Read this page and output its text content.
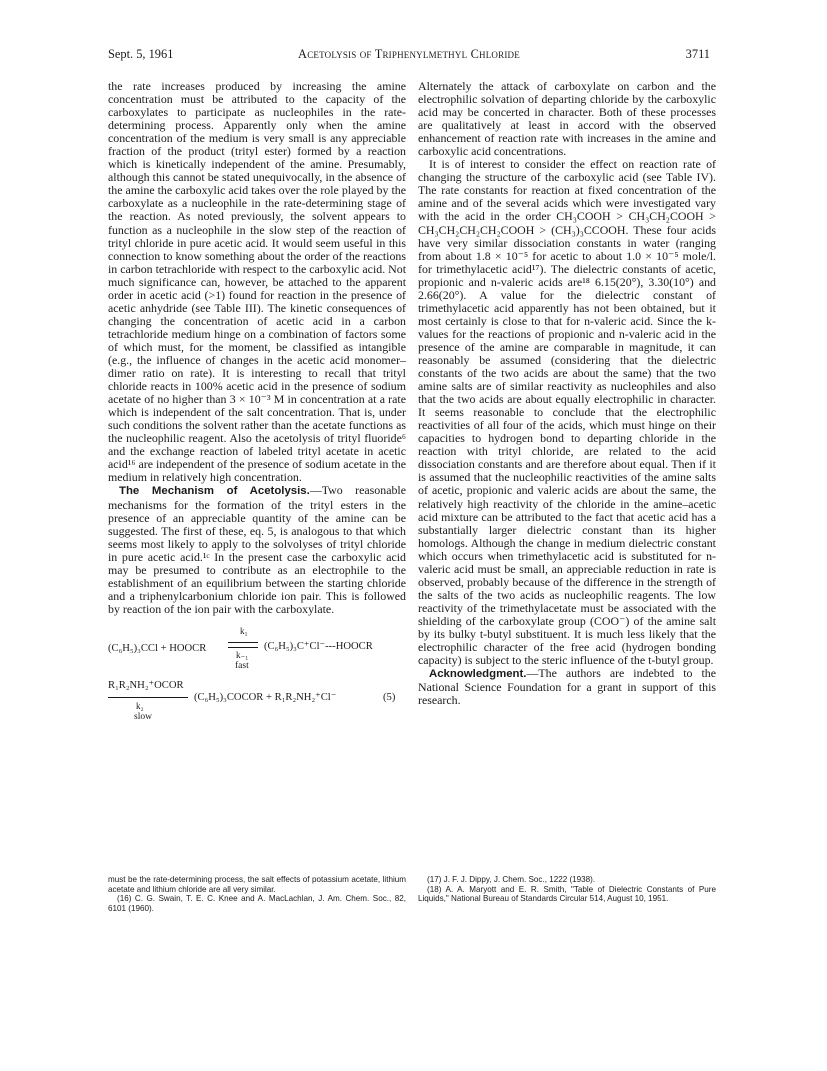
Sept. 5, 1961	Acetolysis of Triphenylmethyl Chloride	3711

the rate increases produced by increasing the amine concentration must be attributed to the capacity of the carboxylates to participate as nucleophiles in the rate-determining process. Apparently only when the amine concentration of the medium is very small is any appreciable fraction of the product (trityl ester) formed by a reaction which is kinetically independent of the amine. Presumably, although this cannot be stated unequivocally, in the absence of the amine the carboxylic acid takes over the role played by the carboxylate as a nucleophile in the rate-determining stage of the reaction. As noted previously, the solvent appears to function as a nucleophile in the slow step of the reaction of trityl chloride in pure acetic acid. It would seem useful in this connection to know something about the order of the reactions in carbon tetrachloride with respect to the carboxylic acid. Not much significance can, however, be attached to the apparent order in acetic acid (>1) found for reaction in the presence of acetic anhydride (see Table III). The kinetic consequences of changing the concentration of acetic acid in a carbon tetrachloride medium hinge on a combination of factors some of which must, for the moment, be classified as intangible (e.g., the influence of changes in the acetic acid monomer–dimer ratio on rate). It is interesting to recall that trityl chloride reacts in 100% acetic acid in the presence of sodium acetate of no higher than 3 × 10⁻³ M in concentration at a rate which is independent of the salt concentration. That is, under such conditions the solvent rather than the acetate functions as the nucleophilic reagent. Also the acetolysis of trityl fluoride⁶ and the exchange reaction of labeled trityl acetate in acetic acid¹⁶ are independent of the presence of sodium acetate in the medium in relatively high concentration.

The Mechanism of Acetolysis.—Two reasonable mechanisms for the formation of the trityl esters in the presence of an appreciable quantity of the amine can be suggested. The first of these, eq. 5, is analogous to that which seems most likely to apply to the solvolyses of trityl chloride in pure acetic acid.¹ᶜ In the present case the carboxylic acid may be presumed to contribute as an electrophile to the establishment of an equilibrium between the starting chloride and a triphenylcarbonium chloride ion pair. This is followed by reaction of the ion pair with the carboxylate.

(C₆H₅)₃CCl + HOOCR
k₁
k₋₁
fast
(C₆H₅)₃C⁺Cl⁻---HOOCR
R₁R₂NH₂⁺OCOR
(C₆H₅)₃COCOR + R₁R₂NH₂⁺Cl⁻	(5)
k₂
slow

Alternately the attack of carboxylate on carbon and the electrophilic solvation of departing chloride by the carboxylic acid may be concerted in character. Both of these processes are qualitatively at least in accord with the observed enhancement of reaction rate with increases in the amine and carboxylic acid concentrations.

It is of interest to consider the effect on reaction rate of changing the structure of the carboxylic acid (see Table IV). The rate constants for reaction at fixed concentration of the amine and of the several acids which were investigated vary with the acid in the order CH₃COOH > CH₃CH₂COOH > CH₃CH₂CH₂CH₂COOH > (CH₃)₃CCOOH. These four acids have very similar dissociation constants in water (ranging from about 1.8 × 10⁻⁵ for acetic to about 1.0 × 10⁻⁵ mole/l. for trimethylacetic acid¹⁷). The dielectric constants of acetic, propionic and n-valeric acids are¹⁸ 6.15(20°), 3.30(10°) and 2.66(20°). A value for the dielectric constant of trimethylacetic acid apparently has not been obtained, but it most certainly is close to that for n-valeric acid. Since the k-values for the reactions of propionic and n-valeric acid in the presence of the amine are comparable in magnitude, it can reasonably be assumed (considering that the dielectric constants of the two acids are about the same) that the two amine salts are of similar reactivity as nucleophiles and also that the two acids are about equally electrophilic in character. It seems reasonable to conclude that the electrophilic reactivities of all four of the acids, which must hinge on their capacities to hydrogen bond to departing chloride in the reaction with trityl chloride, are related to the acid dissociation constants and are therefore about equal. Then if it is assumed that the nucleophilic reactivities of the amine salts of acetic, propionic and valeric acids are about the same, the relatively high reactivity of the chloride in the amine–acetic acid mixture can be attributed to the fact that acetic acid has a substantially larger dielectric constant than its higher homologs. Although the change in medium dielectric constant which occurs when trimethylacetic acid is substituted for n-valeric acid must be small, an appreciable reduction in rate is observed, probably because of the difference in the strength of the salts of the two acids as nucleophilic reagents. The low reactivity of the trimethylacetate must be associated with the shielding of the carboxylate group (COO⁻) of the amine salt by its bulky t-butyl substituent. It is much less likely that the electrophilic character of the free acid (hydrogen bonding capacity) is subject to the steric influence of the t-butyl group.

Acknowledgment.—The authors are indebted to the National Science Foundation for a grant in support of this research.

must be the rate-determining process, the salt effects of potassium acetate, lithium acetate and lithium chloride are all very similar.

(16) C. G. Swain, T. E. C. Knee and A. MacLachlan, J. Am. Chem. Soc., 82, 6101 (1960).

(17) J. F. J. Dippy, J. Chem. Soc., 1222 (1938).

(18) A. A. Maryott and E. R. Smith, "Table of Dielectric Constants of Pure Liquids," National Bureau of Standards Circular 514, August 10, 1951.
